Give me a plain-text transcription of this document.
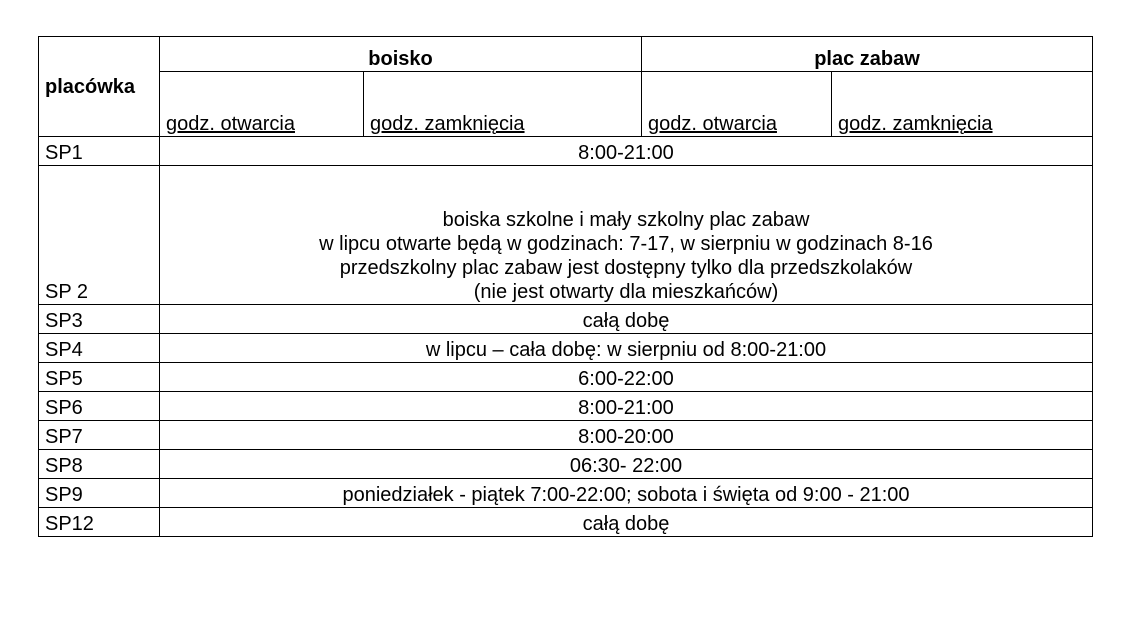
placówka	boisko		plac zabaw	
	godz. otwarcia	godz. zamknięcia	godz. otwarcia	godz. zamknięcia
SP1	8:00-21:00			
SP 2	boiska szkolne i mały szkolny plac zabaw
w lipcu otwarte będą w godzinach: 7-17, w sierpniu w godzinach 8-16
przedszkolny plac zabaw jest dostępny tylko dla przedszkolaków
(nie jest otwarty dla mieszkańców)			

SP3	całą dobę			
SP4	w lipcu – cała dobę: w sierpniu od 8:00-21:00			
SP5	6:00-22:00			
SP6	8:00-21:00			
SP7	8:00-20:00			
SP8	06:30- 22:00			
SP9	poniedziałek - piątek 7:00-22:00; sobota i święta od 9:00 - 21:00			
SP12	całą dobę			
